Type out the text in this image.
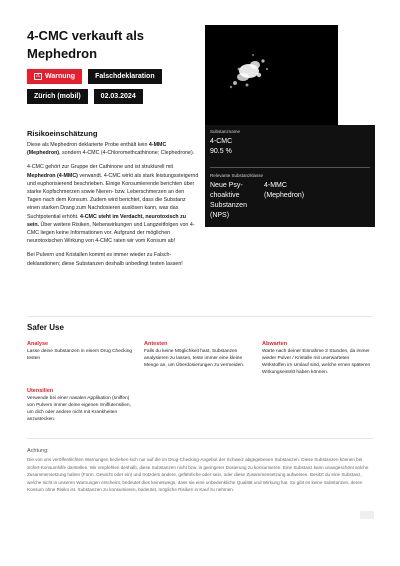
4-CMC verkauft als Mephedron
⚠ Warnung	Falschdeklaration
Zürich (mobil)	02.03.2024
Substanzname
4-CMC
90.5 %
Relevante Substanzklasse
Neue Psy-
choaktive
Substanzen
(NPS)
4-MMC
(Mephedron)
Risikoeinschätzung

Diese als Mephedron deklarierte Probe enthält kein 4-MMC (Mephedron), sondern 4-CMC (4-Chloromethcathinone; Clephedrone).

4-CMC gehört zur Gruppe der Cathinone und ist strukturell mit Mephedron (4-MMC) verwandt. 4-CMC wirkt als stark leistungssteigernd und euphorisierend beschrieben. Einige Konsumierende berichten über starke Kopfschmerzen sowie Nieren- bzw. Leberschmerzen an den Tagen nach dem Konsum. Zudem wird berichtet, dass die Substanz einen starken Drang zum Nachdosieren auslösen kann, was das Suchtpotential erhöht. 4-CMC steht im Verdacht, neurotoxisch zu sein. Über weitere Risiken, Nebenwirkungen und Langzeitfolgen von 4-CMC liegen keine Informationen vor. Aufgrund der möglichen neurotoxischen Wirkung von 4-CMC raten wir vom Konsum ab!

Bei Pulvern und Kristallen kommt es immer wieder zu Falschdeklarationen; diese Substanzen deshalb unbedingt testen lassen!

Safer Use
Analyse
Lasse deine Substanzen in einem Drug Checking testen
Antesten
Falls du keine Möglichkeit hast, Substanzen analysieren zu lassen, teste immer eine kleine Menge an, um Überdosierungen zu vermeiden.
Abwarten
Warte nach deiner Einnahme 2 Stunden, da immer wieder Pulver / Kristalle mit unerwarteten Wirkstoffen im Umlauf sind, welche ernen späteren Wirkungseintritt haben können.
Utensilien
Verwende bei einer nasalen Applikation (sniffen) von Pulvern immer deine eigenen Sniffutensilien, um dich oder andere nicht mit Krankheiten anzustecken.
Achtung:
Die von uns veröffentlichten Warnungen beziehen sich nur auf die im Drug-Checking-Angebot der Schweiz abgegebenen Substanzen. Diese Substanzen können bei Sofort-Konsumhilfe darstellen. Wir empfehlen deshalb, diese Substanzen nicht bzw. in geringerer Dosierung zu konsumieren. Eine Substanz kann unangeschönt solche Zusammensetzung haben (Form, Gewicht oder ein) und trotzdem andere, gefährliche oder sein, oder diese Zusammensetzung aufweisen. Besitzt du eine Substanz, welche nicht in unseren Warnungen erscheint, bedeutet dies keineswegs, dass sie eine unbedenkliche Qualität und Wirkung hat. So gibt es keine Substanzen, deren Konsum ohne Risiko ist. Substanzen zu konsumieren, bedeutet, mögliche Risiken in Kauf zu nehmen.
